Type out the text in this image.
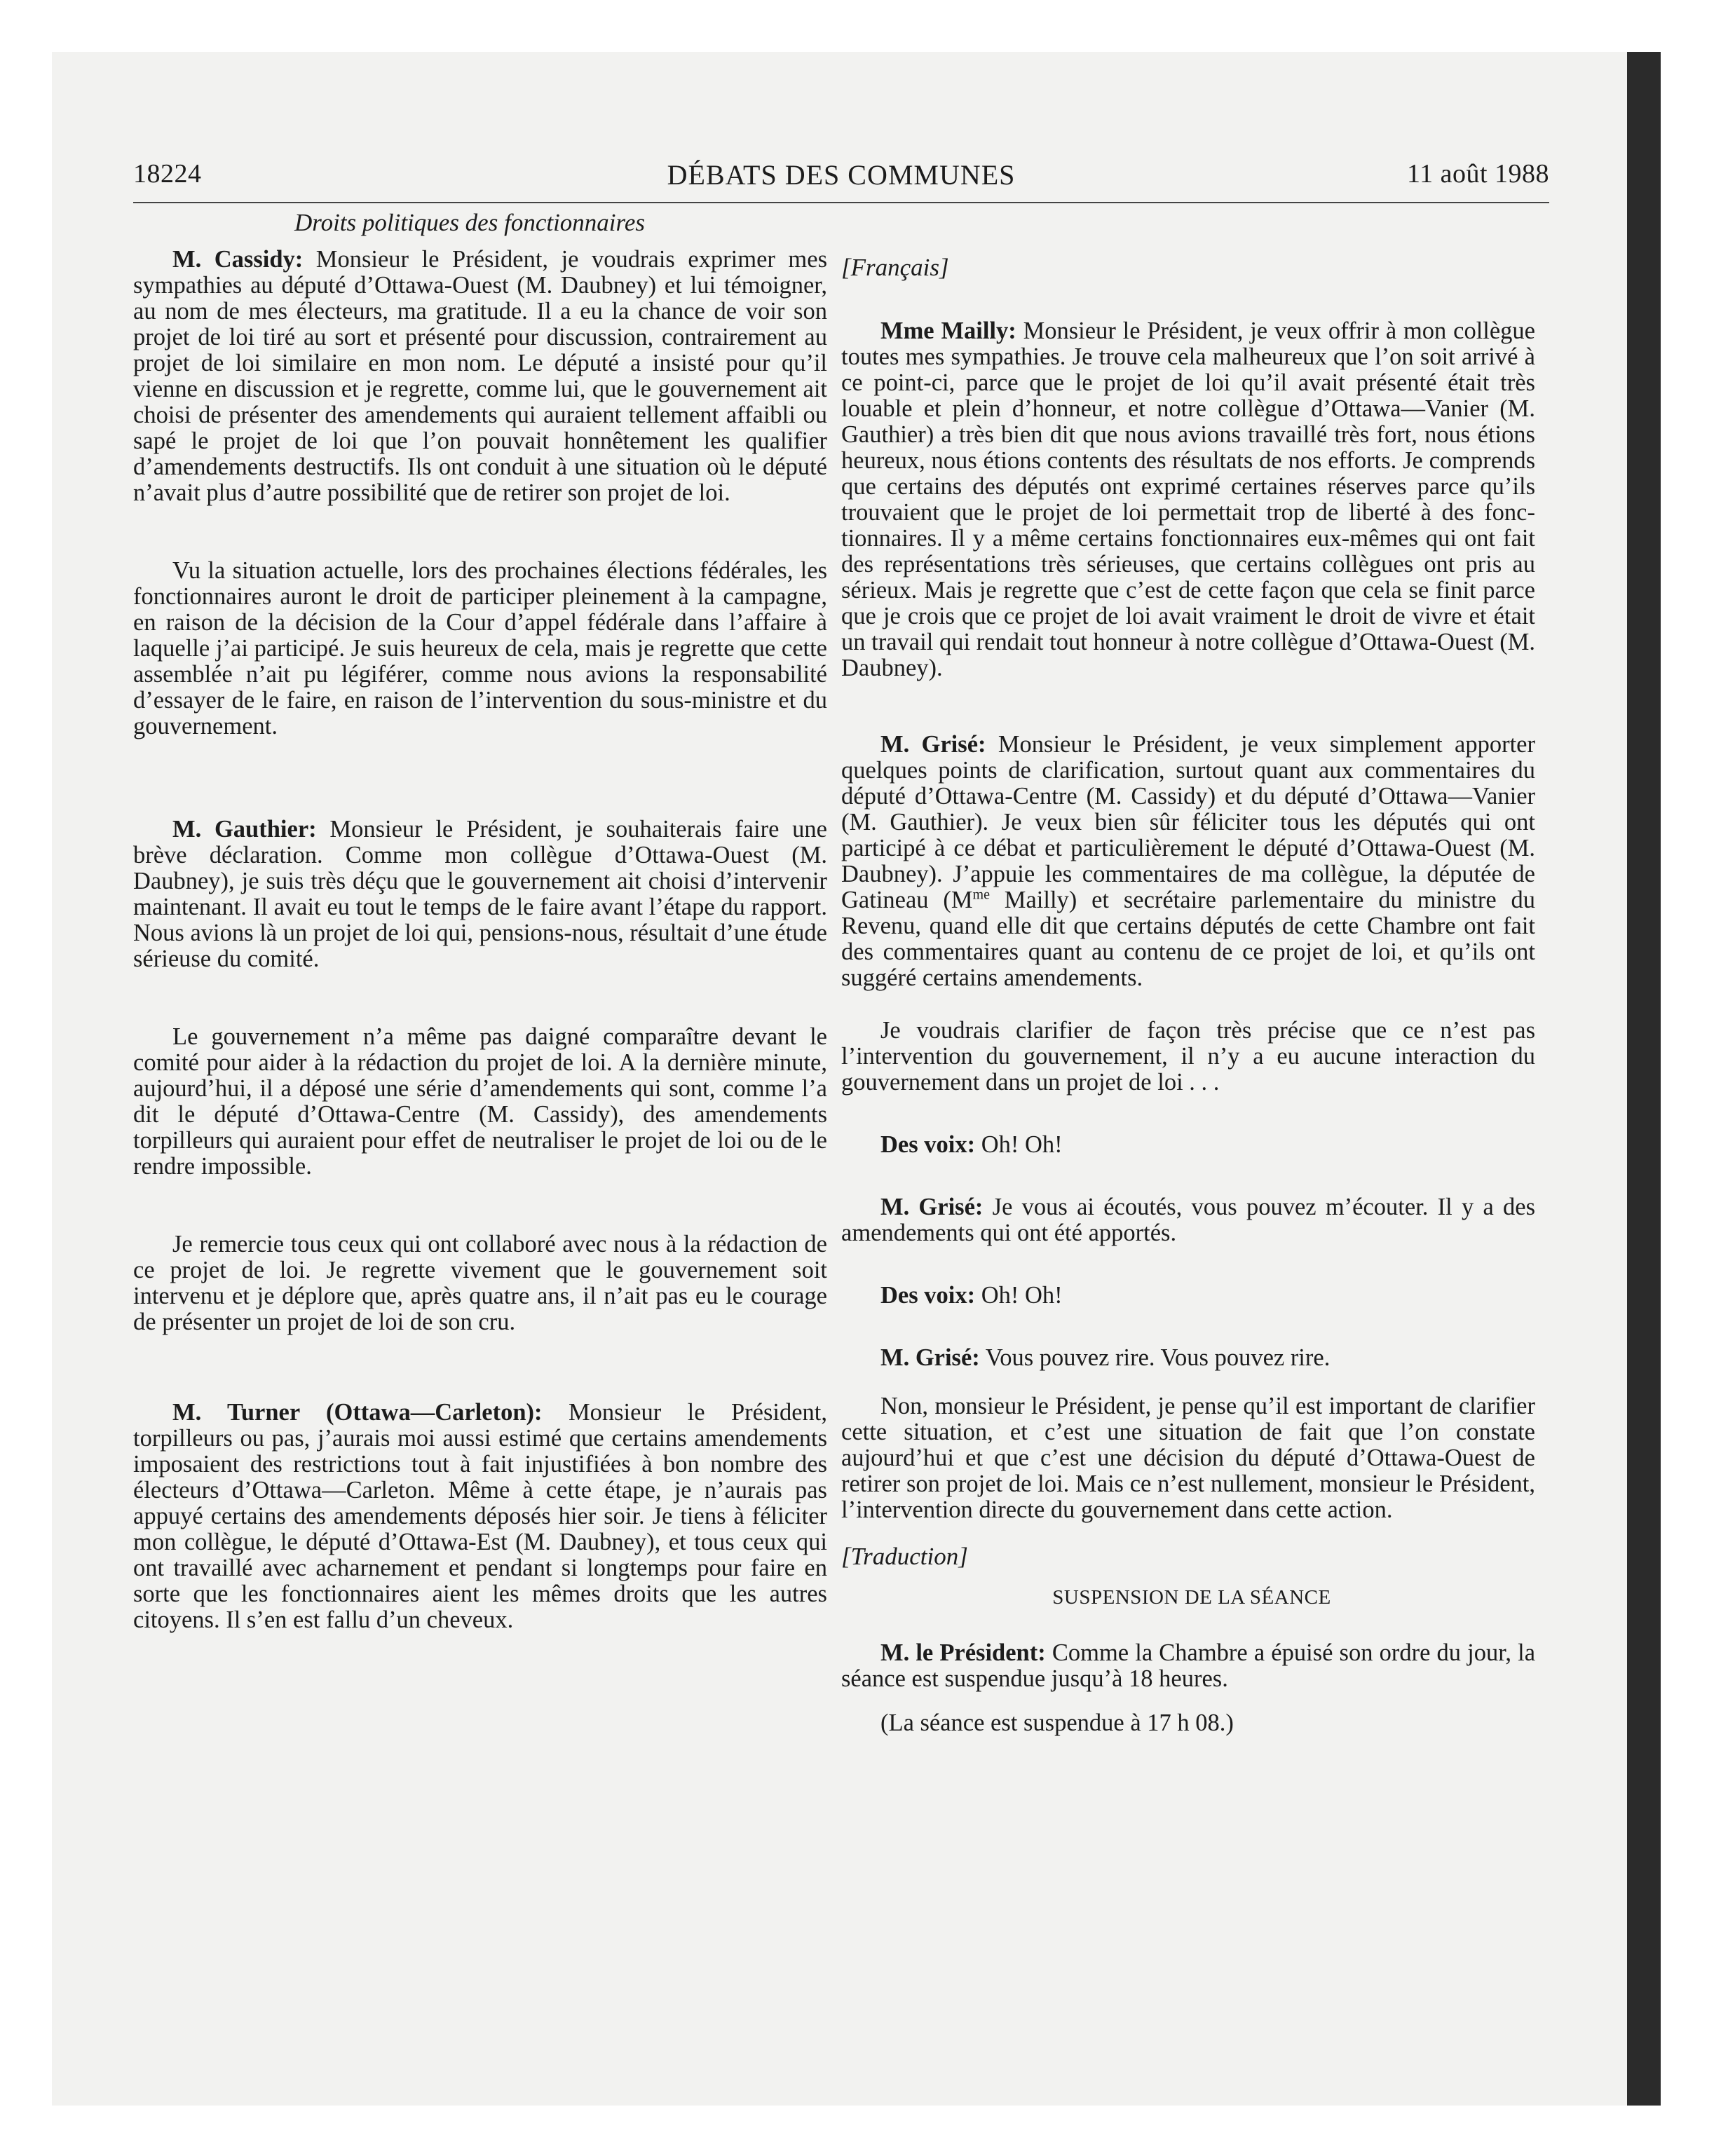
18224	DÉBATS DES COMMUNES	11 août 1988
Droits politiques des fonctionnaires

M. Cassidy: Monsieur le Président, je voudrais exprimer mes sympathies au député d’Ottawa-Ouest (M. Daubney) et lui témoigner, au nom de mes électeurs, ma gratitude. Il a eu la chance de voir son projet de loi tiré au sort et présenté pour discussion, contrairement au projet de loi similaire en mon nom. Le député a insisté pour qu’il vienne en discussion et je regrette, comme lui, que le gouvernement ait choisi de présenter des amendements qui auraient tellement affaibli ou sapé le projet de loi que l’on pouvait honnêtement les qualifier d’amendements destructifs. Ils ont conduit à une situation où le député n’avait plus d’autre possibilité que de retirer son projet de loi.

Vu la situation actuelle, lors des prochaines élections fédérales, les fonctionnaires auront le droit de participer pleinement à la campagne, en raison de la décision de la Cour d’appel fédérale dans l’affaire à laquelle j’ai participé. Je suis heureux de cela, mais je regrette que cette assemblée n’ait pu légiférer, comme nous avions la responsabilité d’essayer de le faire, en raison de l’intervention du sous-ministre et du gouvernement.

M. Gauthier: Monsieur le Président, je souhaiterais faire une brève déclaration. Comme mon collègue d’Ottawa-Ouest (M. Daubney), je suis très déçu que le gouvernement ait choisi d’intervenir maintenant. Il avait eu tout le temps de le faire avant l’étape du rapport. Nous avions là un projet de loi qui, pensions-nous, résultait d’une étude sérieuse du comité.

Le gouvernement n’a même pas daigné comparaître devant le comité pour aider à la rédaction du projet de loi. A la dernière minute, aujourd’hui, il a déposé une série d’amendements qui sont, comme l’a dit le député d’Ottawa-Centre (M. Cassidy), des amendements torpilleurs qui auraient pour effet de neutraliser le projet de loi ou de le rendre impossible.

Je remercie tous ceux qui ont collaboré avec nous à la rédaction de ce projet de loi. Je regrette vivement que le gouvernement soit intervenu et je déplore que, après quatre ans, il n’ait pas eu le courage de présenter un projet de loi de son cru.

M. Turner (Ottawa—Carleton): Monsieur le Président, torpilleurs ou pas, j’aurais moi aussi estimé que certains amendements imposaient des restrictions tout à fait injustifiées à bon nombre des électeurs d’Ottawa—Carleton. Même à cette étape, je n’aurais pas appuyé certains des amendements déposés hier soir. Je tiens à féliciter mon collègue, le député d’Ottawa-Est (M. Daubney), et tous ceux qui ont travaillé avec acharnement et pendant si longtemps pour faire en sorte que les fonctionnaires aient les mêmes droits que les autres citoyens. Il s’en est fallu d’un cheveux.

[Français]

Mme Mailly: Monsieur le Président, je veux offrir à mon collègue toutes mes sympathies. Je trouve cela malheureux que l’on soit arrivé à ce point-ci, parce que le projet de loi qu’il avait présenté était très louable et plein d’honneur, et notre collègue d’Ottawa—Vanier (M. Gauthier) a très bien dit que nous avions travaillé très fort, nous étions heureux, nous étions contents des résultats de nos efforts. Je comprends que certains des députés ont exprimé certaines réserves parce qu’ils trouvaient que le projet de loi permettait trop de liberté à des fonctionnaires. Il y a même certains fonctionnaires eux-mêmes qui ont fait des représentations très sérieuses, que certains collègues ont pris au sérieux. Mais je regrette que c’est de cette façon que cela se finit parce que je crois que ce projet de loi avait vraiment le droit de vivre et était un travail qui rendait tout honneur à notre collègue d’Ottawa-Ouest (M. Daubney).

M. Grisé: Monsieur le Président, je veux simplement apporter quelques points de clarification, surtout quant aux commentaires du député d’Ottawa-Centre (M. Cassidy) et du député d’Ottawa—Vanier (M. Gauthier). Je veux bien sûr féliciter tous les députés qui ont participé à ce débat et particulièrement le député d’Ottawa-Ouest (M. Daubney). J’appuie les commentaires de ma collègue, la députée de Gatineau ($M^{me}$ Mailly) et secrétaire parlementaire du ministre du Revenu, quand elle dit que certains députés de cette Chambre ont fait des commentaires quant au contenu de ce projet de loi, et qu’ils ont suggéré certains amendements.

Je voudrais clarifier de façon très précise que ce n’est pas l’intervention du gouvernement, il n’y a eu aucune interaction du gouvernement dans un projet de loi . . .

Des voix: Oh! Oh!

M. Grisé: Je vous ai écoutés, vous pouvez m’écouter. Il y a des amendements qui ont été apportés.

Des voix: Oh! Oh!

M. Grisé: Vous pouvez rire. Vous pouvez rire.

Non, monsieur le Président, je pense qu’il est important de clarifier cette situation, et c’est une situation de fait que l’on constate aujourd’hui et que c’est une décision du député d’Ottawa-Ouest de retirer son projet de loi. Mais ce n’est nullement, monsieur le Président, l’intervention directe du gouvernement dans cette action.

[Traduction]

SUSPENSION DE LA SÉANCE

M. le Président: Comme la Chambre a épuisé son ordre du jour, la séance est suspendue jusqu’à 18 heures.

(La séance est suspendue à 17 h 08.)
